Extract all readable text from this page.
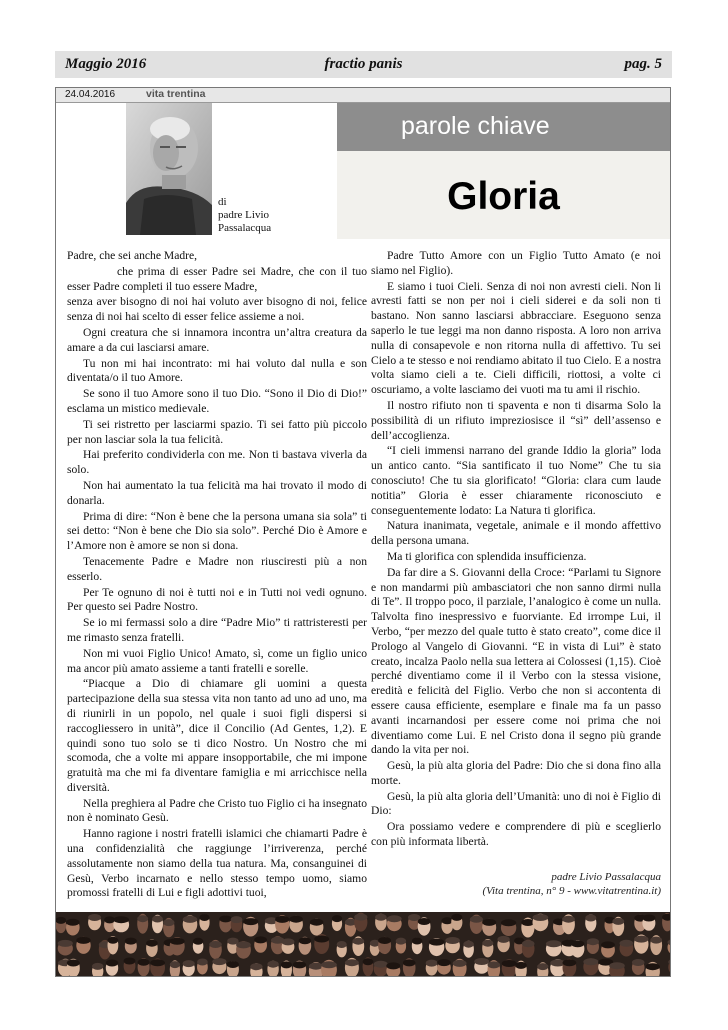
Maggio 2016	fractio panis	pag. 5
24.04.2016	vita trentina
di
padre Livio
Passalacqua
parole chiave
Gloria

Padre, che sei anche Madre,

che prima di esser Padre sei Madre, che con il tuo esser Padre completi il tuo essere Madre,

senza aver bisogno di noi hai voluto aver bisogno di noi, felice senza di noi hai scelto di esser felice assieme a noi.

Ogni creatura che si innamora incontra un’altra creatura da amare a da cui lasciarsi amare.

Tu non mi hai incontrato: mi hai voluto dal nulla e son diventata/o il tuo Amore.

Se sono il tuo Amore sono il tuo Dio. “Sono il Dio di Dio!” esclama un mistico medievale.

Ti sei ristretto per lasciarmi spazio. Ti sei fatto più piccolo per non lasciar sola la tua felicità.

Hai preferito condividerla con me. Non ti bastava viverla da solo.

Non hai aumentato la tua felicità ma hai trovato il modo di donarla.

Prima di dire: “Non è bene che la persona umana sia sola” ti sei detto: “Non è bene che Dio sia solo”. Perché Dio è Amore e l’Amore non è amore se non si dona.

Tenacemente Padre e Madre non riusciresti più a non esserlo.

Per Te ognuno di noi è tutti noi e in Tutti noi vedi ognuno. Per questo sei Padre Nostro.

Se io mi fermassi solo a dire “Padre Mio” ti rattristeresti per me rimasto senza fratelli.

Non mi vuoi Figlio Unico! Amato, sì, come un figlio unico ma ancor più amato assieme a tanti fratelli e sorelle.

“Piacque a Dio di chiamare gli uomini a questa partecipazione della sua stessa vita non tanto ad uno ad uno, ma di riunirli in un popolo, nel quale i suoi figli dispersi si raccogliessero in unità”, dice il Concilio (Ad Gentes, 1,2). E quindi sono tuo solo se ti dico Nostro. Un Nostro che mi scomoda, che a volte mi appare insopportabile, che mi impone gratuità ma che mi fa diventare famiglia e mi arricchisce nella diversità.

Nella preghiera al Padre che Cristo tuo Figlio ci ha insegnato non è nominato Gesù.

Hanno ragione i nostri fratelli islamici che chiamarti Padre è una confidenzialità che raggiunge l’irriverenza, perché assolutamente non siamo della tua natura. Ma, consanguinei di Gesù, Verbo incarnato e nello stesso tempo uomo, siamo promossi fratelli di Lui e figli adottivi tuoi,

Padre Tutto Amore con un Figlio Tutto Amato (e noi siamo nel Figlio).

E siamo i tuoi Cieli. Senza di noi non avresti cieli. Non li avresti fatti se non per noi i cieli siderei e da soli non ti bastano. Non sanno lasciarsi abbracciare. Eseguono senza saperlo le tue leggi ma non danno risposta. A loro non arriva nulla di consapevole e non ritorna nulla di affettivo. Tu sei Cielo a te stesso e noi rendiamo abitato il tuo Cielo. E a nostra volta siamo cieli a te. Cieli difficili, riottosi, a volte ci oscuriamo, a volte lasciamo dei vuoti ma tu ami il rischio.

Il nostro rifiuto non ti spaventa e non ti disarma Solo la possibilità di un rifiuto impreziosisce il “sì” dell’assenso e dell’accoglienza.

“I cieli immensi narrano del grande Iddio la gloria” loda un antico canto. “Sia santificato il tuo Nome” Che tu sia conosciuto! Che tu sia glorificato! “Gloria: clara cum laude notitia” Gloria è esser chiaramente riconosciuto e conseguentemente lodato: La Natura ti glorifica.

Natura inanimata, vegetale, animale e il mondo affettivo della persona umana.

Ma ti glorifica con splendida insufficienza.

Da far dire a S. Giovanni della Croce: “Parlami tu Signore e non mandarmi più ambasciatori che non sanno dirmi nulla di Te”. Il troppo poco, il parziale, l’analogico è come un nulla. Talvolta fino inespressivo e fuorviante. Ed irrompe Lui, il Verbo, “per mezzo del quale tutto è stato creato”, come dice il Prologo al Vangelo di Giovanni. “E in vista di Lui” è stato creato, incalza Paolo nella sua lettera ai Colossesi (1,15). Cioè perché diventiamo come il il Verbo con la stessa visione, eredità e felicità del Figlio. Verbo che non si accontenta di essere causa efficiente, esemplare e finale ma fa un passo avanti incarnandosi per essere come noi prima che noi diventiamo come Lui. E nel Cristo dona il segno più grande dando la vita per noi.

Gesù, la più alta gloria del Padre: Dio che si dona fino alla morte.

Gesù, la più alta gloria dell’Umanità: uno di noi è Figlio di Dio:

Ora possiamo vedere e comprendere di più e sceglierlo con più informata libertà.

padre Livio Passalacqua
(Vita trentina, n° 9 - www.vitatrentina.it)
